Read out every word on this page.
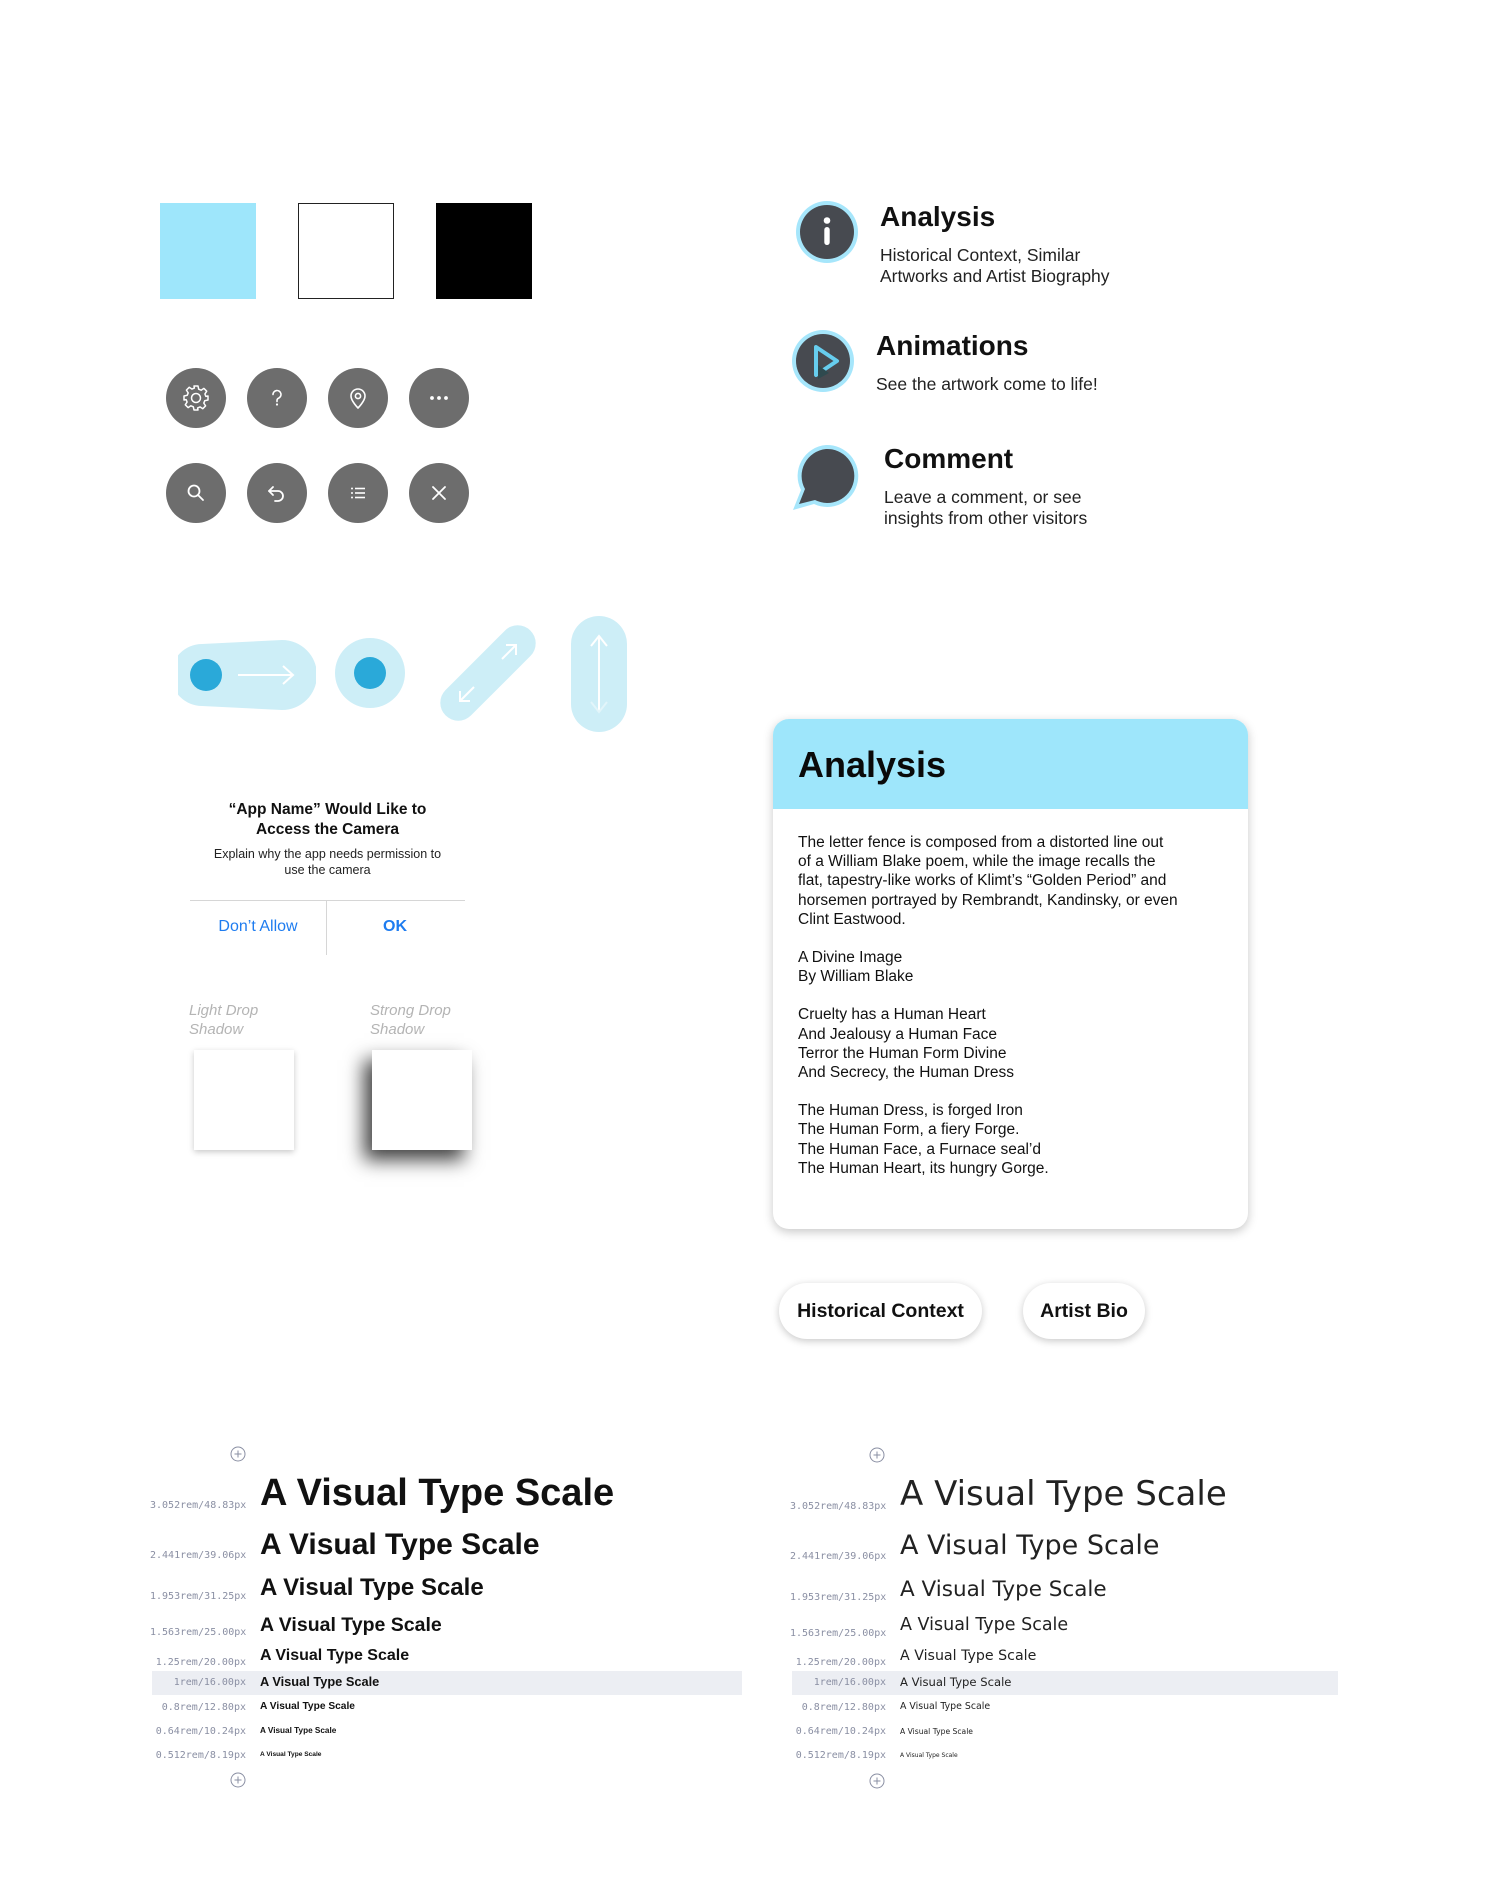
“App Name” Would Like to
Access the Camera
Explain why the app needs permission to
use the camera
Don’t Allow	OK
Light Drop
Shadow
Strong Drop
Shadow
Analysis
Historical Context, Similar
Artworks and Artist Biography
Animations
See the artwork come to life!
Comment
Leave a comment, or see
insights from other visitors
Analysis

The letter fence is composed from a distorted line out
of a William Blake poem, while the image recalls the
flat, tapestry-like works of Klimt’s “Golden Period” and
horsemen portrayed by Rembrandt, Kandinsky, or even
Clint Eastwood.

A Divine Image
By William Blake

Cruelty has a Human Heart
And Jealousy a Human Face
Terror the Human Form Divine
And Secrecy, the Human Dress

The Human Dress, is forged Iron
The Human Form, a fiery Forge.
The Human Face, a Furnace seal’d
The Human Heart, its hungry Gorge.

Historical Context	Artist Bio
3.052rem/48.83px A Visual Type Scale
2.441rem/39.06px A Visual Type Scale
1.953rem/31.25px A Visual Type Scale
1.563rem/25.00px A Visual Type Scale
1.25rem/20.00px A Visual Type Scale
1rem/16.00px A Visual Type Scale
0.8rem/12.80px A Visual Type Scale
0.64rem/10.24px A Visual Type Scale
0.512rem/8.19px A Visual Type Scale
3.052rem/48.83px A Visual Type Scale
2.441rem/39.06px A Visual Type Scale
1.953rem/31.25px A Visual Type Scale
1.563rem/25.00px A Visual Type Scale
1.25rem/20.00px A Visual Type Scale
1rem/16.00px A Visual Type Scale
0.8rem/12.80px A Visual Type Scale
0.64rem/10.24px A Visual Type Scale
0.512rem/8.19px A Visual Type Scale
